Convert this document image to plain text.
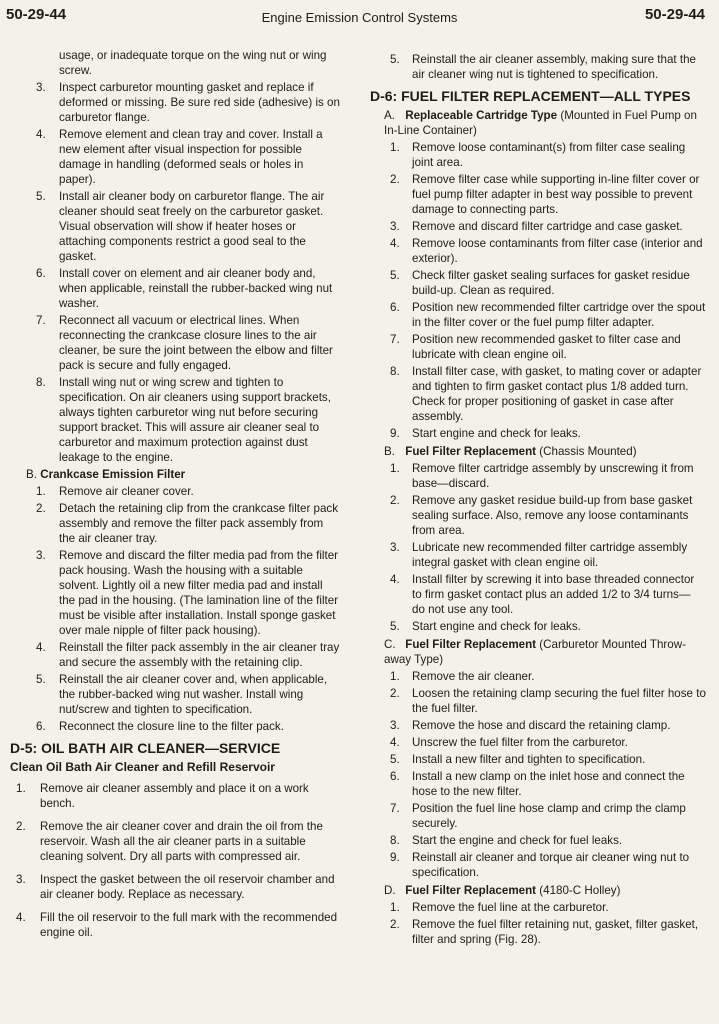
50-29-44	Engine Emission Control Systems	50-29-44
usage, or inadequate torque on the wing nut or wing screw.
3. Inspect carburetor mounting gasket and replace if deformed or missing. Be sure red side (adhesive) is on carburetor flange.
4. Remove element and clean tray and cover. Install a new element after visual inspection for possible damage in handling (deformed seals or holes in paper).
5. Install air cleaner body on carburetor flange. The air cleaner should seat freely on the carburetor gasket. Visual observation will show if heater hoses or attaching components restrict a good seal to the gasket.
6. Install cover on element and air cleaner body and, when applicable, reinstall the rubber-backed wing nut washer.
7. Reconnect all vacuum or electrical lines. When reconnecting the crankcase closure lines to the air cleaner, be sure the joint between the elbow and filter pack is secure and fully engaged.
8. Install wing nut or wing screw and tighten to specification. On air cleaners using support brackets, always tighten carburetor wing nut before securing support bracket. This will assure air cleaner seal to carburetor and maximum protection against dust leakage to the engine.
B. Crankcase Emission Filter
1. Remove air cleaner cover.
2. Detach the retaining clip from the crankcase filter pack assembly and remove the filter pack assembly from the air cleaner tray.
3. Remove and discard the filter media pad from the filter pack housing. Wash the housing with a suitable solvent. Lightly oil a new filter media pad and install the pad in the housing. (The lamination line of the filter must be visible after installation. Install sponge gasket over male nipple of filter pack housing).
4. Reinstall the filter pack assembly in the air cleaner tray and secure the assembly with the retaining clip.
5. Reinstall the air cleaner cover and, when applicable, the rubber-backed wing nut washer. Install wing nut/screw and tighten to specification.
6. Reconnect the closure line to the filter pack.
D-5: OIL BATH AIR CLEANER—SERVICE
Clean Oil Bath Air Cleaner and Refill Reservoir
1. Remove air cleaner assembly and place it on a work bench.
2. Remove the air cleaner cover and drain the oil from the reservoir. Wash all the air cleaner parts in a suitable cleaning solvent. Dry all parts with compressed air.
3. Inspect the gasket between the oil reservoir chamber and air cleaner body. Replace as necessary.
4. Fill the oil reservoir to the full mark with the recommended engine oil.
5. Reinstall the air cleaner assembly, making sure that the air cleaner wing nut is tightened to specification.
D-6: FUEL FILTER REPLACEMENT—ALL TYPES
A. Replaceable Cartridge Type (Mounted in Fuel Pump on In-Line Container)
1. Remove loose contaminant(s) from filter case sealing joint area.
2. Remove filter case while supporting in-line filter cover or fuel pump filter adapter in best way possible to prevent damage to connecting parts.
3. Remove and discard filter cartridge and case gasket.
4. Remove loose contaminants from filter case (interior and exterior).
5. Check filter gasket sealing surfaces for gasket residue build-up. Clean as required.
6. Position new recommended filter cartridge over the spout in the filter cover or the fuel pump filter adapter.
7. Position new recommended gasket to filter case and lubricate with clean engine oil.
8. Install filter case, with gasket, to mating cover or adapter and tighten to firm gasket contact plus 1/8 added turn. Check for proper positioning of gasket in case after assembly.
9. Start engine and check for leaks.
B. Fuel Filter Replacement (Chassis Mounted)
1. Remove filter cartridge assembly by unscrewing it from base—discard.
2. Remove any gasket residue build-up from base gasket sealing surface. Also, remove any loose contaminants from area.
3. Lubricate new recommended filter cartridge assembly integral gasket with clean engine oil.
4. Install filter by screwing it into base threaded connector to firm gasket contact plus an added 1/2 to 3/4 turns— do not use any tool.
5. Start engine and check for leaks.
C. Fuel Filter Replacement (Carburetor Mounted Throw-away Type)
1. Remove the air cleaner.
2. Loosen the retaining clamp securing the fuel filter hose to the fuel filter.
3. Remove the hose and discard the retaining clamp.
4. Unscrew the fuel filter from the carburetor.
5. Install a new filter and tighten to specification.
6. Install a new clamp on the inlet hose and connect the hose to the new filter.
7. Position the fuel line hose clamp and crimp the clamp securely.
8. Start the engine and check for fuel leaks.
9. Reinstall air cleaner and torque air cleaner wing nut to specification.
D. Fuel Filter Replacement (4180-C Holley)
1. Remove the fuel line at the carburetor.
2. Remove the fuel filter retaining nut, gasket, filter gasket, filter and spring (Fig. 28).
